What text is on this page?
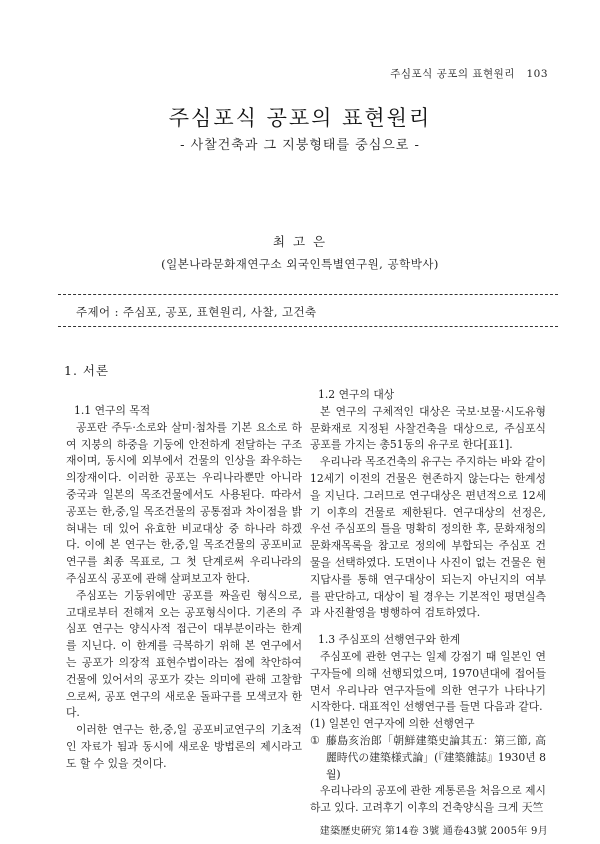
주심포식 공포의 표현원리 103
주심포식 공포의 표현원리
- 사찰건축과 그 지붕형태를 중심으로 -
최 고 은
(일본나라문화재연구소 외국인특별연구원, 공학박사)
주제어 : 주심포, 공포, 표현원리, 사찰, 고건축
1. 서론

1.1 연구의 목적

공포란 주두·소로와 살미·첨차를 기본 요소로 하여 지붕의 하중을 기둥에 안전하게 전달하는 구조재이며, 동시에 외부에서 건물의 인상을 좌우하는 의장재이다. 이러한 공포는 우리나라뿐만 아니라 중국과 일본의 목조건물에서도 사용된다. 따라서 공포는 한,중,일 목조건물의 공통점과 차이점을 밝혀내는 데 있어 유효한 비교대상 중 하나라 하겠다. 이에 본 연구는 한,중,일 목조건물의 공포비교연구를 최종 목표로, 그 첫 단계로써 우리나라의 주심포식 공포에 관해 살펴보고자 한다.

주심포는 기둥위에만 공포를 짜올린 형식으로, 고대로부터 전해져 오는 공포형식이다. 기존의 주심포 연구는 양식사적 접근이 대부분이라는 한계를 지닌다. 이 한계를 극복하기 위해 본 연구에서는 공포가 의장적 표현수법이라는 점에 착안하여 건물에 있어서의 공포가 갖는 의미에 관해 고찰함으로써, 공포 연구의 새로운 돌파구를 모색코자 한다.

이러한 연구는 한,중,일 공포비교연구의 기초적인 자료가 됨과 동시에 새로운 방법론의 제시라고도 할 수 있을 것이다.

1.2 연구의 대상

본 연구의 구체적인 대상은 국보·보물·시도유형문화재로 지정된 사찰건축을 대상으로, 주심포식 공포를 가지는 총51동의 유구로 한다[표1].

우리나라 목조건축의 유구는 주지하는 바와 같이 12세기 이전의 건물은 현존하지 않는다는 한계성을 지닌다. 그러므로 연구대상은 편년적으로 12세기 이후의 건물로 제한된다. 연구대상의 선정은, 우선 주심포의 틀을 명확히 정의한 후, 문화재청의 문화재목록을 참고로 정의에 부합되는 주심포 건물을 선택하였다. 도면이나 사진이 없는 건물은 현지답사를 통해 연구대상이 되는지 아닌지의 여부를 판단하고, 대상이 될 경우는 기본적인 평면실측과 사진촬영을 병행하여 검토하였다.

1.3 주심포의 선행연구와 한계

주심포에 관한 연구는 일제 강점기 때 일본인 연구자들에 의해 선행되었으며, 1970년대에 접어들면서 우리나라 연구자들에 의한 연구가 나타나기 시작한다. 대표적인 선행연구를 들면 다음과 같다.

(1) 일본인 연구자에 의한 선행연구

① 藤島亥治郎「朝鮮建築史論其五：第三節, 高麗時代の建築様式論」(『建築雜誌』1930년 8월)

우리나라의 공포에 관한 계통론을 처음으로 제시하고 있다. 고려후기 이후의 건축양식을 크게 天竺

建築歷史硏究 第14卷 3號 通卷43號 2005年 9月
